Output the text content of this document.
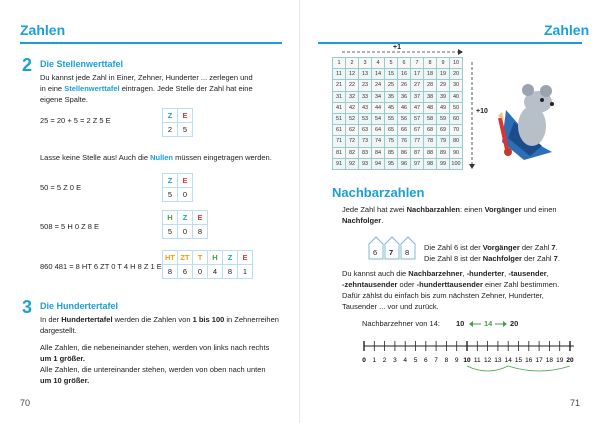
Zahlen
2 Die Stellenwerttafel
Du kannst jede Zahl in Einer, Zehner, Hunderter ... zerlegen und
in eine Stellenwerttafel eintragen. Jede Stelle der Zahl hat eine
eigene Spalte.
25 = 20 + 5 = 2 Z 5 E
Z	E
2	5
Lasse keine Stelle aus! Auch die Nullen müssen eingetragen werden.
50 = 5 Z 0 E
Z	E
5	0
508 = 5 H 0 Z 8 E
H	Z	E
5	0	8
860 481 = 8 HT 6 ZT 0 T 4 H 8 Z 1 E
HT	ZT	T	H	Z	E
8	6	0	4	8	1
3 Die Hundertertafel
In der Hundertertafel werden die Zahlen von 1 bis 100 in Zehnerreihen
dargestellt.
Alle Zahlen, die nebeneinander stehen, werden von links nach rechts
um 1 größer.
Alle Zahlen, die untereinander stehen, werden von oben nach unten
um 10 größer.
70
Zahlen
71
+1
1	2	3	4	5	6	7	8	9	10
11	12	13	14	15	16	17	18	19	20
21	22	23	24	25	26	27	28	29	30
31	32	33	34	35	36	37	38	39	40
41	42	43	44	45	46	47	48	49	50
51	52	53	54	55	56	57	58	59	60
61	62	63	64	65	66	67	68	69	70
71	72	73	74	75	76	77	78	79	80
81	82	83	84	85	86	87	88	89	90
91	92	93	94	95	96	97	98	99	100
+10
Nachbarzahlen
Jede Zahl hat zwei Nachbarzahlen: einen Vorgänger und einen
Nachfolger.
6 7 8
Die Zahl 6 ist der Vorgänger der Zahl 7.
Die Zahl 8 ist der Nachfolger der Zahl 7.
Du kannst auch die Nachbarzehner, -hunderter, -tausender,
-zehntausender oder -hunderttausender einer Zahl bestimmen.
Dafür zählst du einfach bis zum nächsten Zehner, Hunderter,
Tausender ... vor und zurück.
Nachbarzehner von 14: 10	14 20
0 1 2 3 4 5 6 7 8 9 10 11 12 13 14 15 16 17 18 19 20
